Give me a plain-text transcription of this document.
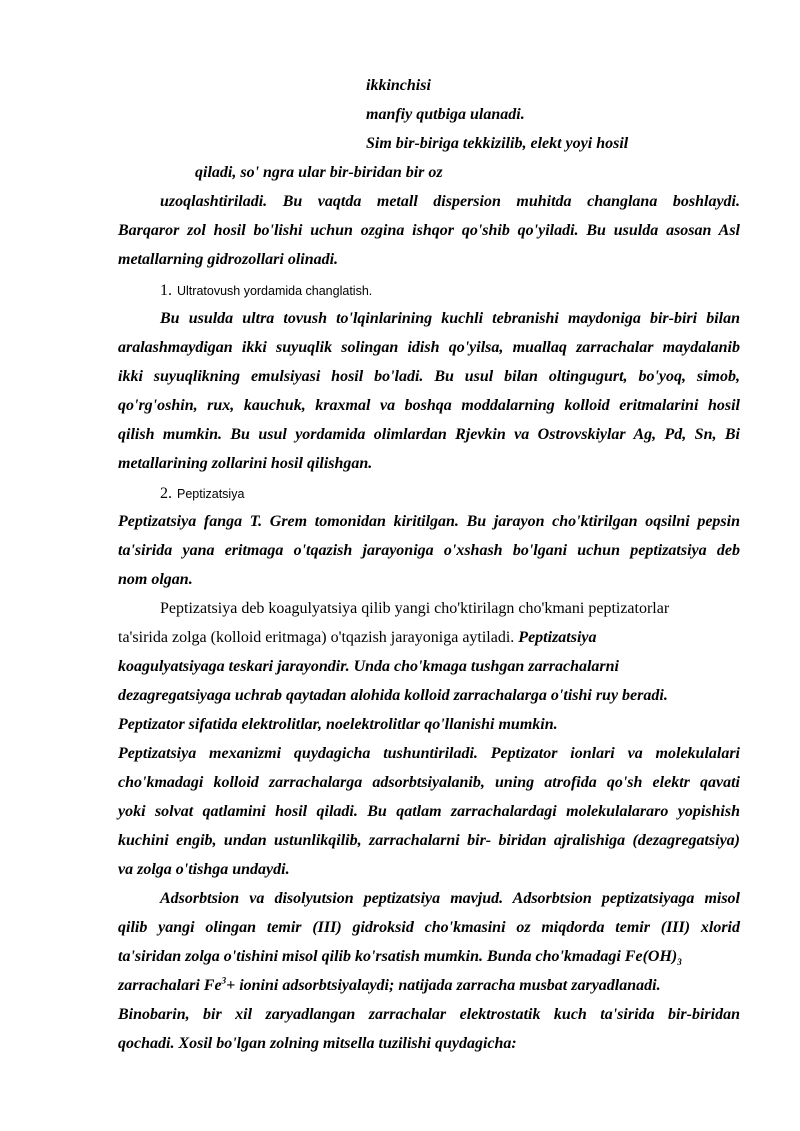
ikkinchisi
manfiy qutbiga ulanadi.
Sim bir-biriga tekkizilib, elekt yoyi hosil
qiladi, so' ngra ular bir-biridan bir oz
uzoqlashtiriladi. Bu vaqtda metall dispersion muhitda changlana boshlaydi.
Barqaror zol hosil bo'lishi uchun ozgina ishqor qo'shib qo'yiladi. Bu usulda asosan Asl
metallarning gidrozollari olinadi.
1. Ultratovush yordamida changlatish.
Bu usulda ultra tovush to'lqinlarining kuchli tebranishi maydoniga bir-biri bilan
aralashmaydigan ikki suyuqlik solingan idish qo'yilsa, muallaq zarrachalar maydalanib
ikki suyuqlikning emulsiyasi hosil bo'ladi. Bu usul bilan oltingugurt, bo'yoq, simob,
qo'rg'oshin, rux, kauchuk, kraxmal va boshqa moddalarning kolloid eritmalarini hosil
qilish mumkin. Bu usul yordamida olimlardan Rjevkin va Ostrovskiylar Ag, Pd, Sn, Bi
metallarining zollarini hosil qilishgan.
2. Peptizatsiya
Peptizatsiya fanga T. Grem tomonidan kiritilgan. Bu jarayon cho'ktirilgan oqsilni pepsin
ta'sirida yana eritmaga o'tqazish jarayoniga o'xshash bo'lgani uchun peptizatsiya deb
nom olgan.
Peptizatsiya deb koagulyatsiya qilib yangi cho'ktirilagn cho'kmani peptizatorlar
ta'sirida zolga (kolloid eritmaga) o'tqazish jarayoniga aytiladi. Peptizatsiya
koagulyatsiyaga teskari jarayondir. Unda cho'kmaga tushgan zarrachalarni
dezagregatsiyaga uchrab qaytadan alohida kolloid zarrachalarga o'tishi ruy beradi.
Peptizator sifatida elektrolitlar, noelektrolitlar qo'llanishi mumkin.
Peptizatsiya mexanizmi quydagicha tushuntiriladi. Peptizator ionlari va molekulalari
cho'kmadagi kolloid zarrachalarga adsorbtsiyalanib, uning atrofida qo'sh elektr qavati
yoki solvat qatlamini hosil qiladi. Bu qatlam zarrachalardagi molekulalararo yopishish
kuchini engib, undan ustunlikqilib, zarrachalarni bir- biridan ajralishiga (dezagregatsiya)
va zolga o'tishga undaydi.
Adsorbtsion va disolyutsion peptizatsiya mavjud. Adsorbtsion peptizatsiyaga misol
qilib yangi olingan temir (III) gidroksid cho'kmasini oz miqdorda temir (III) xlorid
ta'siridan zolga o'tishini misol qilib ko'rsatish mumkin. Bunda cho'kmadagi $Fe(OH)_3$
zarrachalari $Fe^3+$ ionini adsorbtsiyalaydi; natijada zarracha musbat zaryadlanadi.
Binobarin, bir xil zaryadlangan zarrachalar elektrostatik kuch ta'sirida bir-biridan
qochadi. Xosil bo'lgan zolning mitsella tuzilishi quydagicha:
